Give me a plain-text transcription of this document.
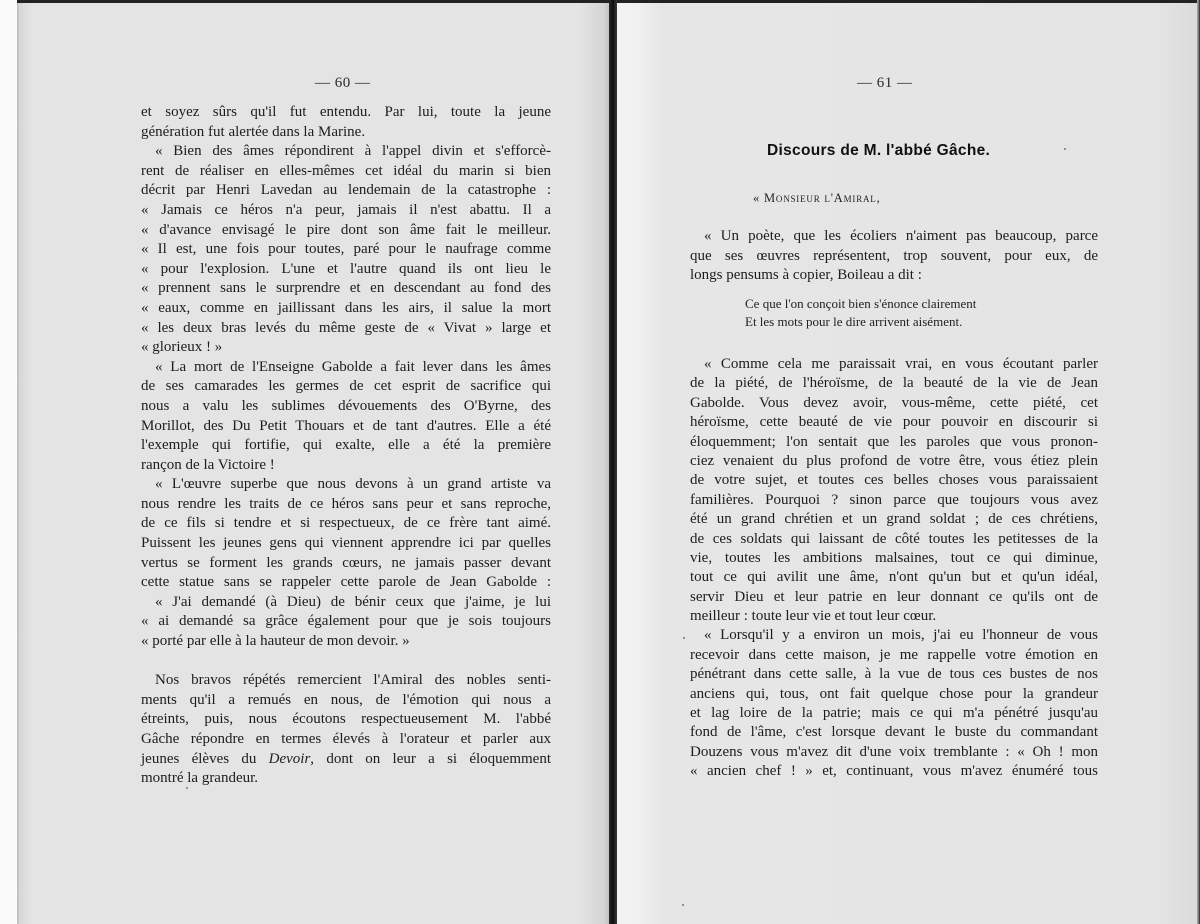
— 60 —
et soyez sûrs qu'il fut entendu. Par lui, toute la jeune
génération fut alertée dans la Marine.
« Bien des âmes répondirent à l'appel divin et s'efforcè-
rent de réaliser en elles-mêmes cet idéal du marin si bien
décrit par Henri Lavedan au lendemain de la catastrophe :
« Jamais ce héros n'a peur, jamais il n'est abattu. Il a
« d'avance envisagé le pire dont son âme fait le meilleur.
« Il est, une fois pour toutes, paré pour le naufrage comme
« pour l'explosion. L'une et l'autre quand ils ont lieu le
« prennent sans le surprendre et en descendant au fond des
« eaux, comme en jaillissant dans les airs, il salue la mort
« les deux bras levés du même geste de « Vivat » large et
« glorieux ! »
« La mort de l'Enseigne Gabolde a fait lever dans les âmes
de ses camarades les germes de cet esprit de sacrifice qui
nous a valu les sublimes dévouements des O'Byrne, des
Morillot, des Du Petit Thouars et de tant d'autres. Elle a été
l'exemple qui fortifie, qui exalte, elle a été la première
rançon de la Victoire !
« L'œuvre superbe que nous devons à un grand artiste va
nous rendre les traits de ce héros sans peur et sans reproche,
de ce fils si tendre et si respectueux, de ce frère tant aimé.
Puissent les jeunes gens qui viennent apprendre ici par quelles
vertus se forment les grands cœurs, ne jamais passer devant
cette statue sans se rappeler cette parole de Jean Gabolde :
« J'ai demandé (à Dieu) de bénir ceux que j'aime, je lui
« ai demandé sa grâce également pour que je sois toujours
« porté par elle à la hauteur de mon devoir. »
Nos bravos répétés remercient l'Amiral des nobles senti-
ments qu'il a remués en nous, de l'émotion qui nous a
étreints, puis, nous écoutons respectueusement M. l'abbé
Gâche répondre en termes élevés à l'orateur et parler aux
jeunes élèves du Devoir, dont on leur a si éloquemment
montré la grandeur.
— 61 —
Discours de M. l'abbé Gâche.
« Monsieur l'Amiral,
« Un poète, que les écoliers n'aiment pas beaucoup, parce
que ses œuvres représentent, trop souvent, pour eux, de
longs pensums à copier, Boileau a dit :
Ce que l'on conçoit bien s'énonce clairement
Et les mots pour le dire arrivent aisément.
« Comme cela me paraissait vrai, en vous écoutant parler
de la piété, de l'héroïsme, de la beauté de la vie de Jean
Gabolde. Vous devez avoir, vous-même, cette piété, cet
héroïsme, cette beauté de vie pour pouvoir en discourir si
éloquemment; l'on sentait que les paroles que vous pronon-
ciez venaient du plus profond de votre être, vous étiez plein
de votre sujet, et toutes ces belles choses vous paraissaient
familières. Pourquoi ? sinon parce que toujours vous avez
été un grand chrétien et un grand soldat ; de ces chrétiens,
de ces soldats qui laissant de côté toutes les petitesses de la
vie, toutes les ambitions malsaines, tout ce qui diminue,
tout ce qui avilit une âme, n'ont qu'un but et qu'un idéal,
servir Dieu et leur patrie en leur donnant ce qu'ils ont de
meilleur : toute leur vie et tout leur cœur.
« Lorsqu'il y a environ un mois, j'ai eu l'honneur de vous
recevoir dans cette maison, je me rappelle votre émotion en
pénétrant dans cette salle, à la vue de tous ces bustes de nos
anciens qui, tous, ont fait quelque chose pour la grandeur
et lag loire de la patrie; mais ce qui m'a pénétré jusqu'au
fond de l'âme, c'est lorsque devant le buste du commandant
Douzens vous m'avez dit d'une voix tremblante : « Oh ! mon
« ancien chef ! » et, continuant, vous m'avez énuméré tous
